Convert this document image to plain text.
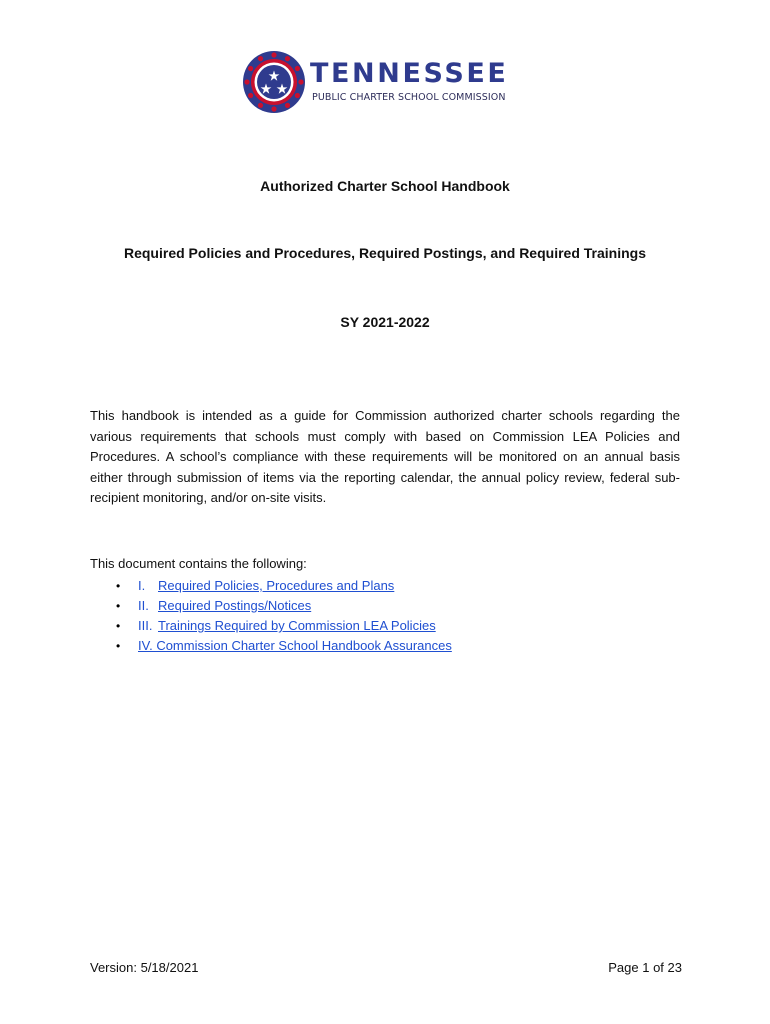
TENNESSEE
PUBLIC CHARTER SCHOOL COMMISSION
Authorized Charter School Handbook
Required Policies and Procedures, Required Postings, and Required Trainings
SY 2021-2022

This handbook is intended as a guide for Commission authorized charter schools regarding the various requirements that schools must comply with based on Commission LEA Policies and Procedures. A school’s compliance with these requirements will be monitored on an annual basis either through submission of items via the reporting calendar, the annual policy review, federal sub-recipient monitoring, and/or on-site visits.

This document contains the following:
• I. Required Policies, Procedures and Plans
• II. Required Postings/Notices
• III. Trainings Required by Commission LEA Policies
• IV. Commission Charter School Handbook Assurances
Version: 5/18/2021	Page 1 of 23
